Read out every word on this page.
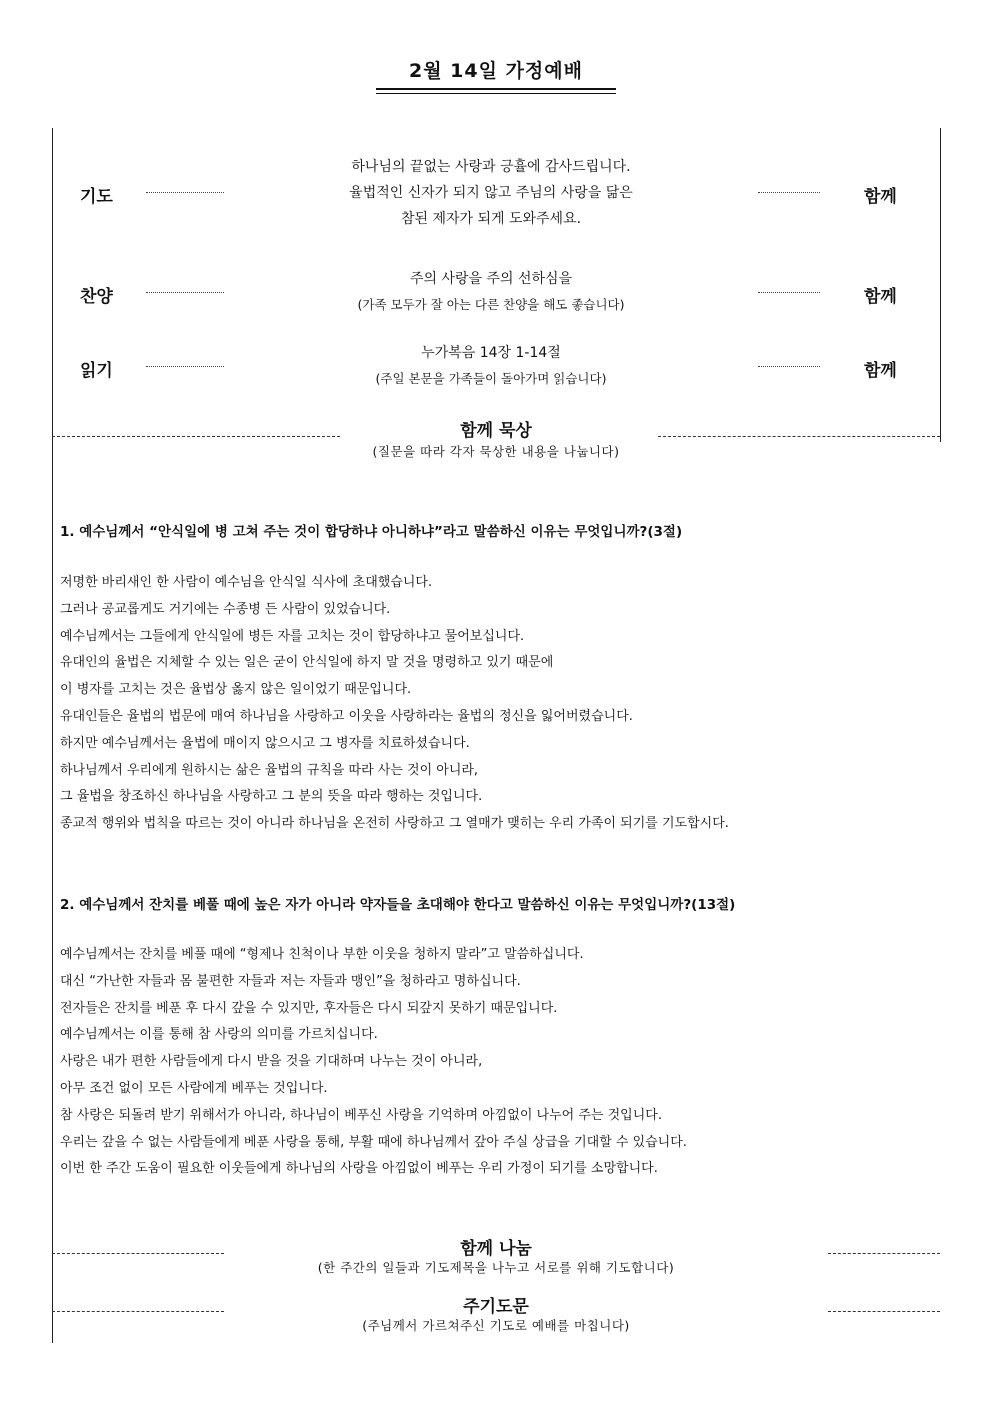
2월 14일 가정예배
기도
하나님의 끝없는 사랑과 긍휼에 감사드립니다.
율법적인 신자가 되지 않고 주님의 사랑을 닮은
참된 제자가 되게 도와주세요.
함께
찬양
주의 사랑을 주의 선하심을
(가족 모두가 잘 아는 다른 찬양을 해도 좋습니다)	함께
읽기
누가복음 14장 1-14절
(주일 본문을 가족들이 돌아가며 읽습니다)	함께
함께 묵상
(질문을 따라 각자 묵상한 내용을 나눕니다)
1. 예수님께서 “안식일에 병 고쳐 주는 것이 합당하냐 아니하냐”라고 말씀하신 이유는 무엇입니까?(3절)
저명한 바리새인 한 사람이 예수님을 안식일 식사에 초대했습니다.
그러나 공교롭게도 거기에는 수종병 든 사람이 있었습니다.
예수님께서는 그들에게 안식일에 병든 자를 고치는 것이 합당하냐고 물어보십니다.
유대인의 율법은 지체할 수 있는 일은 굳이 안식일에 하지 말 것을 명령하고 있기 때문에
이 병자를 고치는 것은 율법상 옳지 않은 일이었기 때문입니다.
유대인들은 율법의 법문에 매여 하나님을 사랑하고 이웃을 사랑하라는 율법의 정신을 잃어버렸습니다.
하지만 예수님께서는 율법에 매이지 않으시고 그 병자를 치료하셨습니다.
하나님께서 우리에게 원하시는 삶은 율법의 규칙을 따라 사는 것이 아니라,
그 율법을 창조하신 하나님을 사랑하고 그 분의 뜻을 따라 행하는 것입니다.
종교적 행위와 법칙을 따르는 것이 아니라 하나님을 온전히 사랑하고 그 열매가 맺히는 우리 가족이 되기를 기도합시다.
2. 예수님께서 잔치를 베풀 때에 높은 자가 아니라 약자들을 초대해야 한다고 말씀하신 이유는 무엇입니까?(13절)
예수님께서는 잔치를 베풀 때에 “형제나 친척이나 부한 이웃을 청하지 말라”고 말씀하십니다.
대신 “가난한 자들과 몸 불편한 자들과 저는 자들과 맹인”을 청하라고 명하십니다.
전자들은 잔치를 베푼 후 다시 갚을 수 있지만, 후자들은 다시 되갚지 못하기 때문입니다.
예수님께서는 이를 통해 참 사랑의 의미를 가르치십니다.
사랑은 내가 편한 사람들에게 다시 받을 것을 기대하며 나누는 것이 아니라,
아무 조건 없이 모든 사람에게 베푸는 것입니다.
참 사랑은 되돌려 받기 위해서가 아니라, 하나님이 베푸신 사랑을 기억하며 아낌없이 나누어 주는 것입니다.
우리는 갚을 수 없는 사람들에게 베푼 사랑을 통해, 부활 때에 하나님께서 갚아 주실 상급을 기대할 수 있습니다.
이번 한 주간 도움이 필요한 이웃들에게 하나님의 사랑을 아낌없이 베푸는 우리 가정이 되기를 소망합니다.
함께 나눔
(한 주간의 일들과 기도제목을 나누고 서로를 위해 기도합니다)
주기도문
(주님께서 가르쳐주신 기도로 예배를 마칩니다)
